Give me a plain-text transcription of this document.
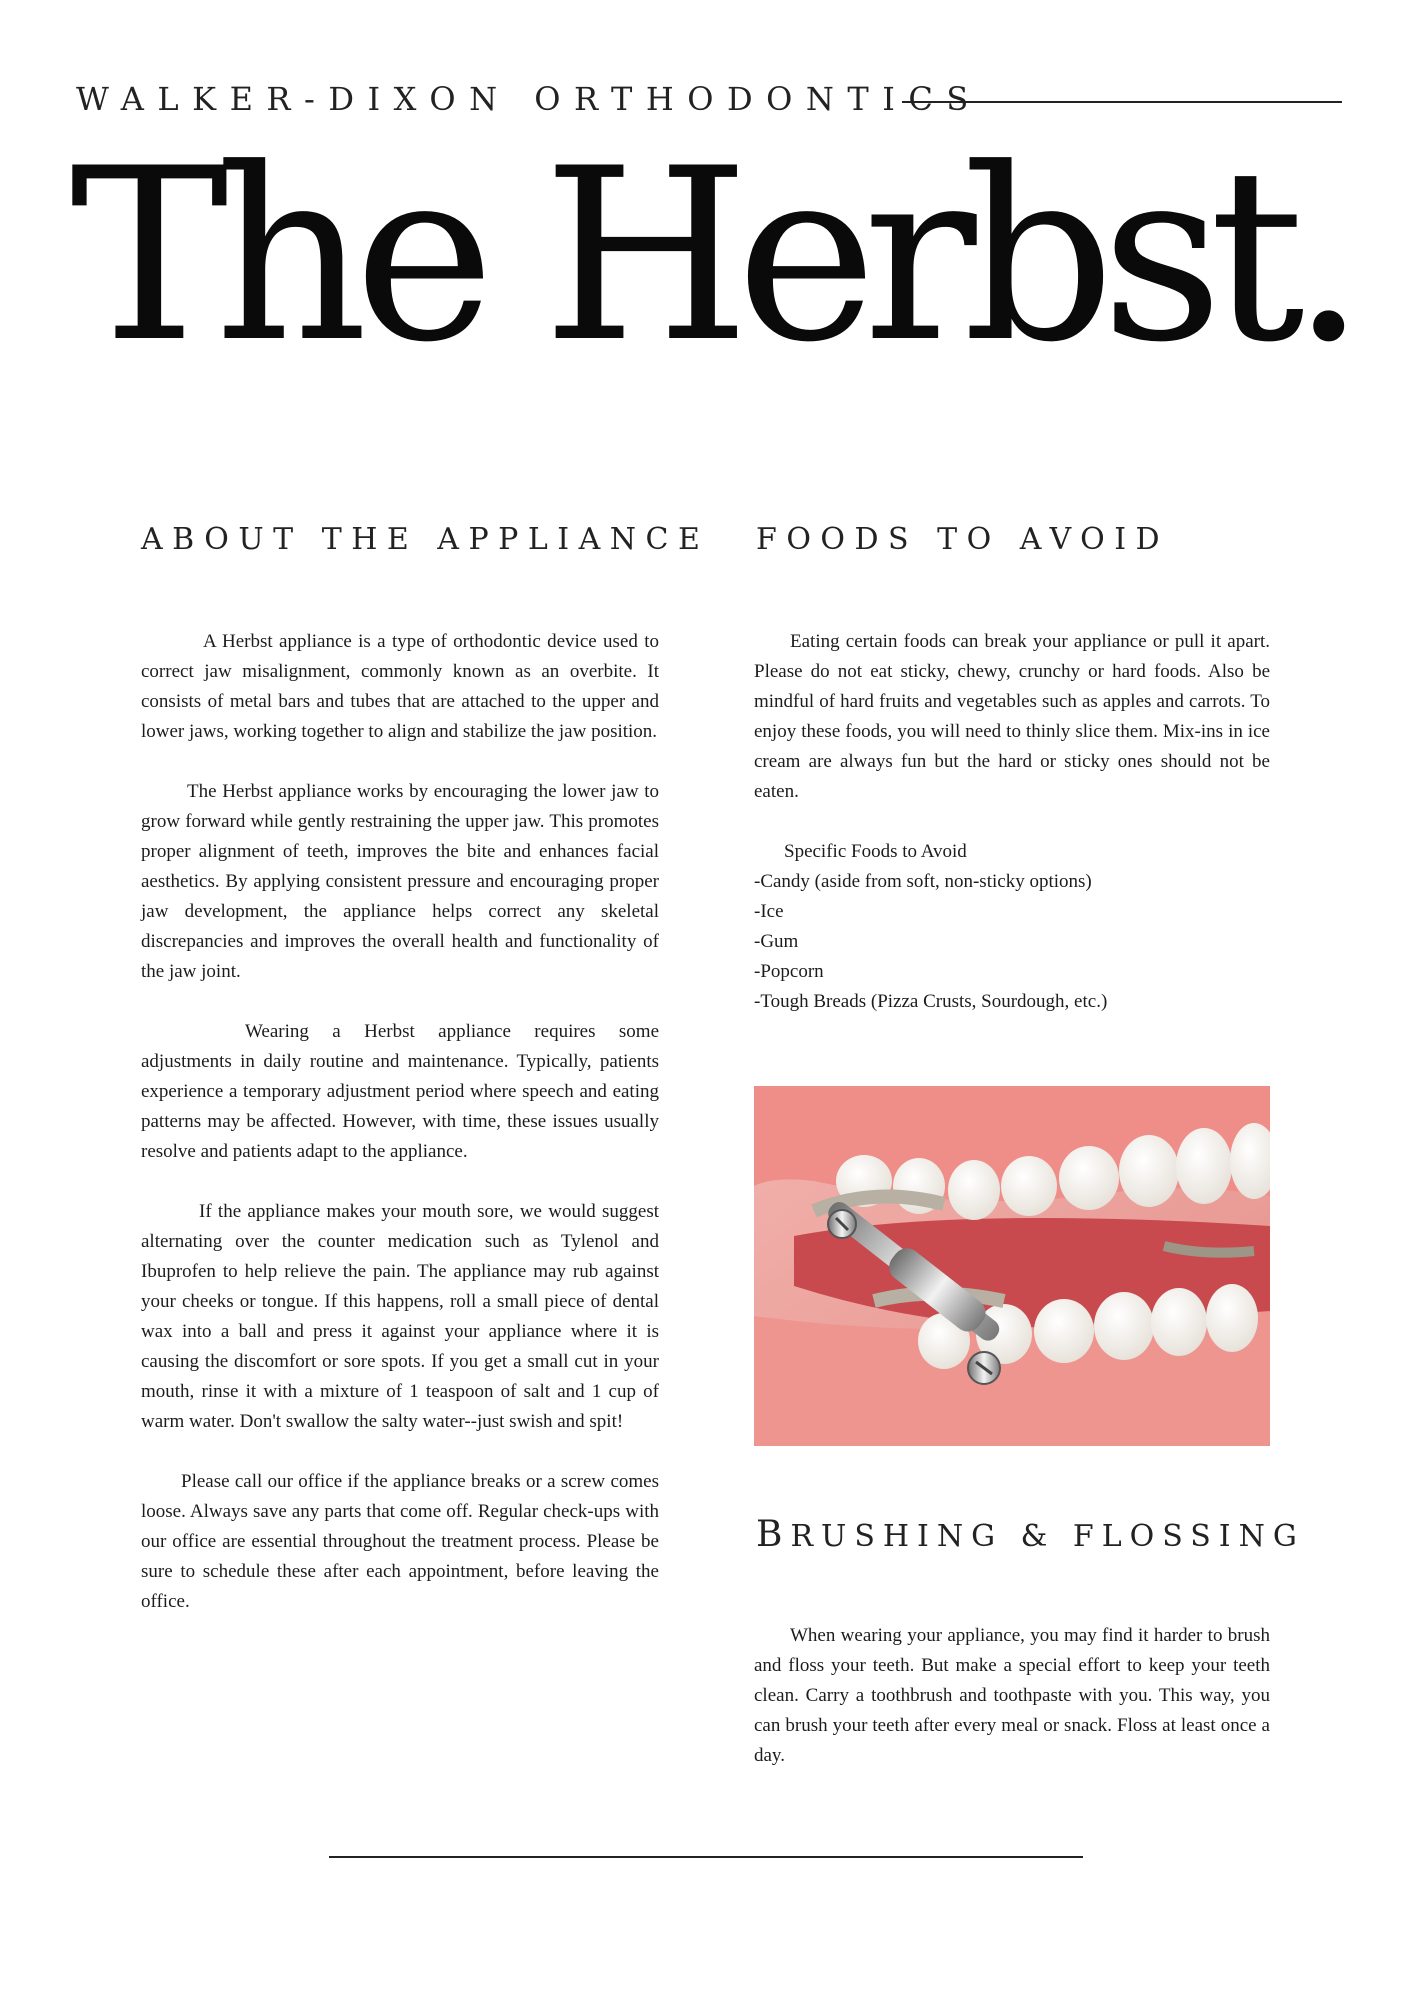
WALKER-DIXON ORTHODONTICS
The Herbst.
ABOUT THE APPLIANCE FOODS TO AVOID

A Herbst appliance is a type of orthodontic device used to correct jaw misalignment, commonly known as an overbite. It consists of metal bars and tubes that are attached to the upper and lower jaws, working together to align and stabilize the jaw position.

The Herbst appliance works by encouraging the lower jaw to grow forward while gently restraining the upper jaw. This promotes proper alignment of teeth, improves the bite and enhances facial aesthetics. By applying consistent pressure and encouraging proper jaw development, the appliance helps correct any skeletal discrepancies and improves the overall health and functionality of the jaw joint.

Wearing a Herbst appliance requires some adjustments in daily routine and maintenance. Typically, patients experience a temporary adjustment period where speech and eating patterns may be affected. However, with time, these issues usually resolve and patients adapt to the appliance.

If the appliance makes your mouth sore, we would suggest alternating over the counter medication such as Tylenol and Ibuprofen to help relieve the pain. The appliance may rub against your cheeks or tongue. If this happens, roll a small piece of dental wax into a ball and press it against your appliance where it is causing the discomfort or sore spots. If you get a small cut in your mouth, rinse it with a mixture of 1 teaspoon of salt and 1 cup of warm water. Don't swallow the salty water--just swish and spit!

Please call our office if the appliance breaks or a screw comes loose. Always save any parts that come off. Regular check-ups with our office are essential throughout the treatment process. Please be sure to schedule these after each appointment, before leaving the office.

Eating certain foods can break your appliance or pull it apart. Please do not eat sticky, chewy, crunchy or hard foods. Also be mindful of hard fruits and vegetables such as apples and carrots. To enjoy these foods, you will need to thinly slice them. Mix-ins in ice cream are always fun but the hard or sticky ones should not be eaten.

Specific Foods to Avoid
-Candy (aside from soft, non-sticky options)
-Ice
-Gum
-Popcorn
-Tough Breads (Pizza Crusts, Sourdough, etc.)
BRUSHING & FLOSSING

When wearing your appliance, you may find it harder to brush and floss your teeth. But make a special effort to keep your teeth clean. Carry a toothbrush and toothpaste with you. This way, you can brush your teeth after every meal or snack. Floss at least once a day.
